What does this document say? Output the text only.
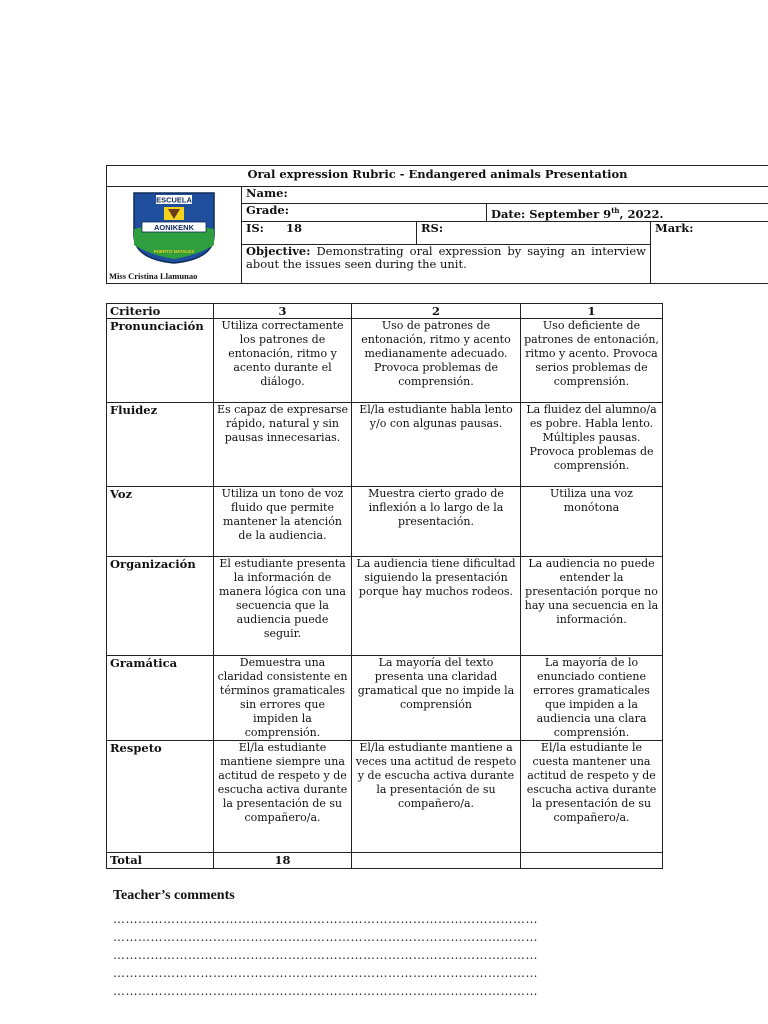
Oral expression Rubric - Endangered animals Presentation				

ESCUELA
AONIKENK
PUERTO NATALES
Miss Cristina Llamunao	Name:			
	Grade:		Date: September 9th, 2022.	
	IS: 18	RS:		Mark:
	Objective: Demonstrating oral expression by saying an interview about the issues seen during the unit.			
Criterio	3	2	1
Pronunciación	Utiliza correctamente los patrones de entonación, ritmo y acento durante el diálogo.	Uso de patrones de entonación, ritmo y acento medianamente adecuado. Provoca problemas de comprensión.	Uso deficiente de patrones de entonación, ritmo y acento. Provoca serios problemas de comprensión.
Fluidez	Es capaz de expresarse rápido, natural y sin pausas innecesarias.	El/la estudiante habla lento y/o con algunas pausas.	La fluidez del alumno/a es pobre. Habla lento. Múltiples pausas. Provoca problemas de comprensión.
Voz	Utiliza un tono de voz fluido que permite mantener la atención de la audiencia.	Muestra cierto grado de inflexión a lo largo de la presentación.	Utiliza una voz monótona
Organización	El estudiante presenta la información de manera lógica con una secuencia que la audiencia puede seguir.	La audiencia tiene dificultad siguiendo la presentación porque hay muchos rodeos.	La audiencia no puede entender la presentación porque no hay una secuencia en la información.
Gramática	Demuestra una claridad consistente en términos gramaticales sin errores que impiden la comprensión.	La mayoría del texto presenta una claridad gramatical que no impide la comprensión	La mayoría de lo enunciado contiene errores gramaticales que impiden a la audiencia una clara comprensión.
Respeto	El/la estudiante mantiene siempre una actitud de respeto y de escucha activa durante la presentación de su compañero/a.	El/la estudiante mantiene a veces una actitud de respeto y de escucha activa durante la presentación de su compañero/a.	El/la estudiante le cuesta mantener una actitud de respeto y de escucha activa durante la presentación de su compañero/a.
Total	18		
Teacher’s comments
…………………………………………………………………………………………
…………………………………………………………………………………………
…………………………………………………………………………………………
…………………………………………………………………………………………
…………………………………………………………………………………………
